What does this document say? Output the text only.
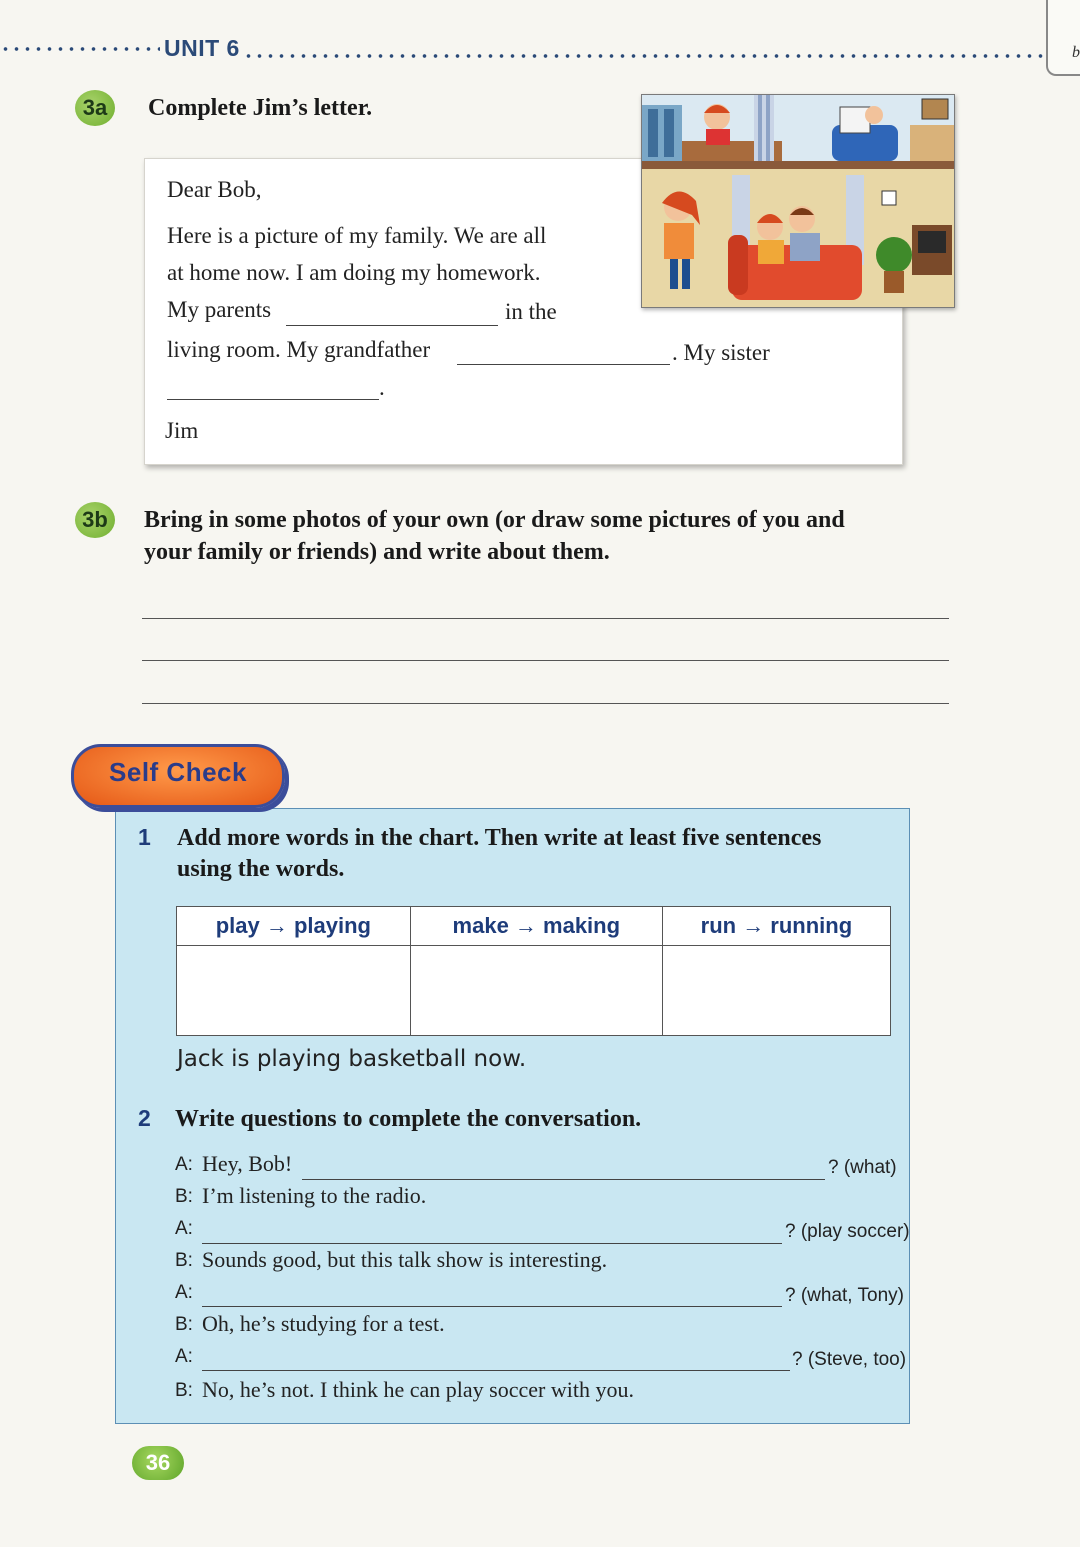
UNIT 6	b
3a	Complete Jim’s letter.
Dear Bob,
Here is a picture of my family. We are all
at home now. I am doing my homework.
My parents	in the
living room. My grandfather	. My sister
.
Jim
3b Bring in some photos of your own (or draw some pictures of you and
your family or friends) and write about them.
Self Check
1 Add more words in the chart. Then write at least five sentences
using the words.
play → playing	make → making	run → running

Jack is playing basketball now.
2 Write questions to complete the conversation.
A: Hey, Bob!	? (what)
B: I’m listening to the radio.
A:	? (play soccer)
B: Sounds good, but this talk show is interesting.
A:	? (what, Tony)
B: Oh, he’s studying for a test.
A:	? (Steve, too)
B: No, he’s not. I think he can play soccer with you.
36
